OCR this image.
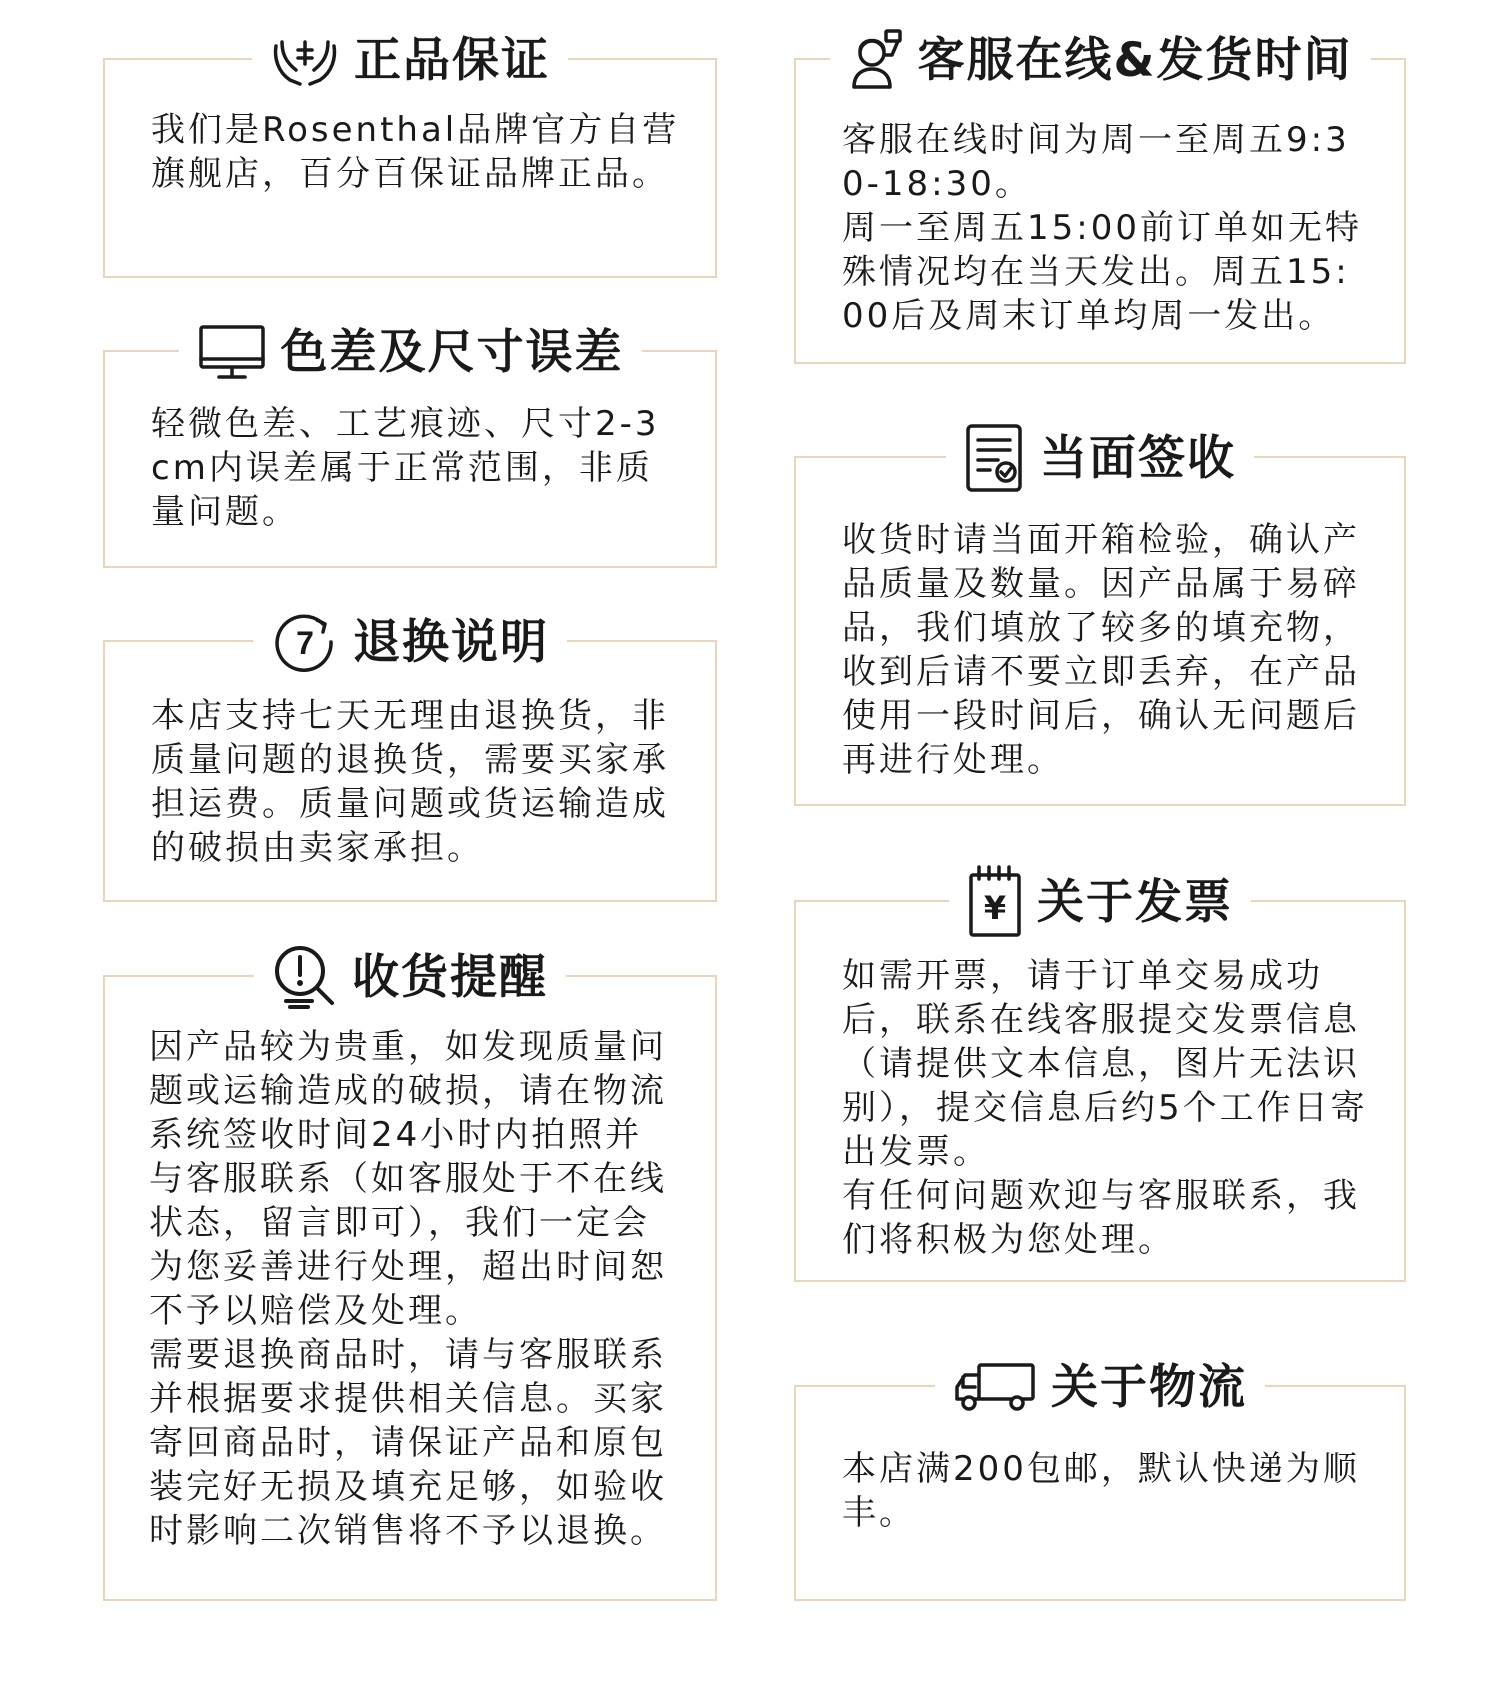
正品保证
我们是Rosenthal品牌官方自营旗舰店，百分百保证品牌正品。
色差及尺寸误差
轻微色差、工艺痕迹、尺寸2-3cm内误差属于正常范围，非质量问题。
7 退换说明
本店支持七天无理由退换货，非质量问题的退换货，需要买家承担运费。质量问题或货运输造成的破损由卖家承担。
收货提醒
因产品较为贵重，如发现质量问题或运输造成的破损，请在物流系统签收时间24小时内拍照并与客服联系（如客服处于不在线状态，留言即可），我们一定会为您妥善进行处理，超出时间恕不予以赔偿及处理。
需要退换商品时，请与客服联系并根据要求提供相关信息。买家寄回商品时，请保证产品和原包装完好无损及填充足够，如验收时影响二次销售将不予以退换。
客服在线&发货时间
客服在线时间为周一至周五9:30-18:30。
周一至周五15:00前订单如无特殊情况均在当天发出。周五15:00后及周末订单均周一发出。
当面签收
收货时请当面开箱检验，确认产品质量及数量。因产品属于易碎品，我们填放了较多的填充物，收到后请不要立即丢弃，在产品使用一段时间后，确认无问题后再进行处理。
¥ 关于发票
如需开票，请于订单交易成功后，联系在线客服提交发票信息（请提供文本信息，图片无法识别），提交信息后约5个工作日寄出发票。
有任何问题欢迎与客服联系，我们将积极为您处理。
关于物流
本店满200包邮，默认快递为顺丰。
